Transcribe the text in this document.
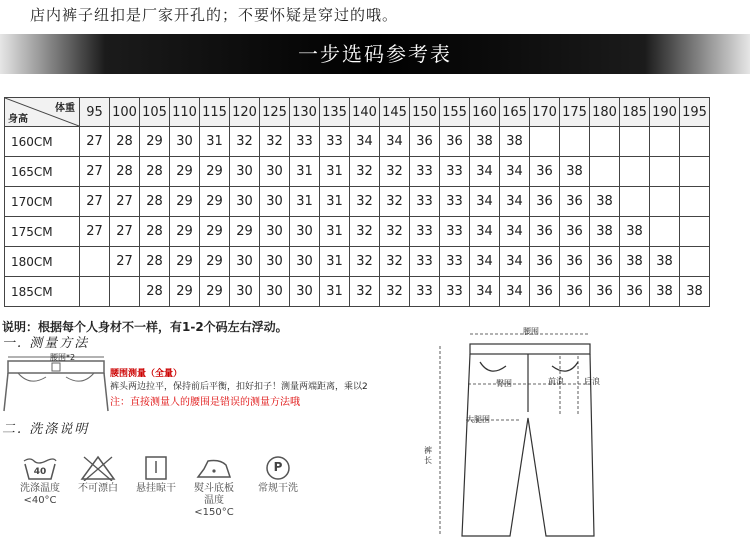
店内裤子纽扣是厂家开孔的；不要怀疑是穿过的哦。
一步选码参考表
体重
身高	95	100	105	110	115	120	125	130	135	140	145	150	155	160	165	170	175	180	185	190	195
160CM	27	28	29	30	31	32	32	33	33	34	34	36	36	38	38						
165CM	27	28	28	29	29	30	30	31	31	32	32	33	33	34	34	36	38				
170CM	27	27	28	29	29	30	30	31	31	32	32	33	33	34	34	36	36	38			
175CM	27	27	28	29	29	29	30	30	31	32	32	33	33	34	34	36	36	38	38		
180CM		27	28	29	29	30	30	30	31	32	32	33	33	34	34	36	36	36	38	38	
185CM			28	29	29	30	30	30	31	32	32	33	33	34	34	36	36	36	36	38	38
说明：根据每个人身材不一样，有1-2个码左右浮动。
一. 测量方法
腰围*2
腰围测量（全量）
裤头两边拉平，保持前后平衡，扣好扣子！测量两端距离，乘以2
注：直接测量人的腰围是错误的测量方法哦
二. 洗涤说明
40
洗涤温度
<40°C
不可漂白	悬挂晾干	熨斗底板
温度<150°C
P
常规干洗
腰围
前浪	后浪
臀围
大腿围
裤长
